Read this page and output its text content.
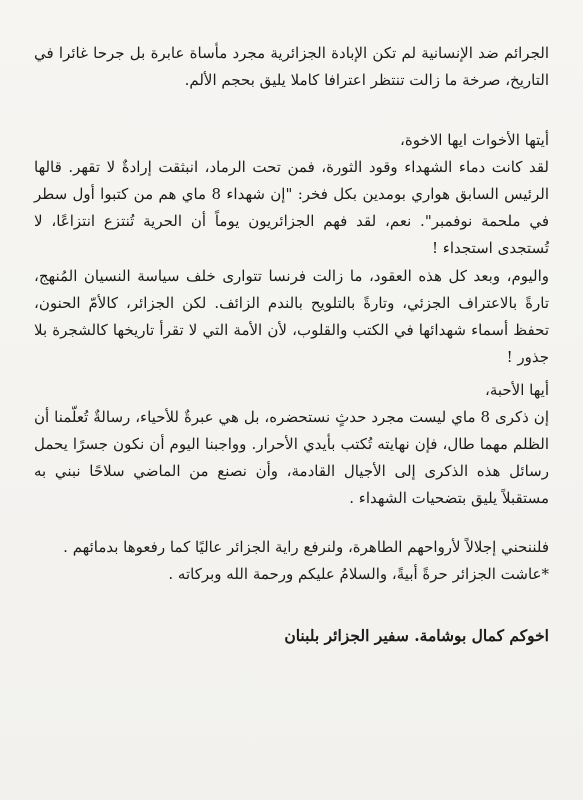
الجرائم ضد الإنسانية لم تكن الإبادة الجزائرية مجرد مأساة عابرة بل جرحا غائرا في التاريخ، صرخة ما زالت تنتظر اعترافا كاملا يليق بحجم الألم.

أيتها الأخوات ايها الاخوة،

لقد كانت دماء الشهداء وقود الثورة، فمن تحت الرماد، انبثقت إرادةٌ لا تقهر. قالها الرئيس السابق هواري بومدين بكل فخر: "إن شهداء 8 ماي هم من كتبوا أول سطر في ملحمة نوفمبر". نعم، لقد فهم الجزائريون يوماً أن الحرية تُنتزع انتزاعًا، لا تُستجدى استجداء !

واليوم، وبعد كل هذه العقود، ما زالت فرنسا تتوارى خلف سياسة النسيان المُنهج، تارةً بالاعتراف الجزئي، وتارةً بالتلويح بالندم الزائف. لكن الجزائر، كالأمّ الحنون، تحفظ أسماء شهدائها في الكتب والقلوب، لأن الأمة التي لا تقرأ تاريخها كالشجرة بلا جذور !

أيها الأحبة،

إن ذكرى 8 ماي ليست مجرد حدثٍ نستحضره، بل هي عبرةٌ للأحياء، رسالةٌ تُعلّمنا أن الظلم مهما طال، فإن نهايته تُكتب بأيدي الأحرار. وواجبنا اليوم أن نكون جسرًا يحمل رسائل هذه الذكرى إلى الأجيال القادمة، وأن نصنع من الماضي سلاحًا نبني به مستقبلاً يليق بتضحيات الشهداء .

فلننحني إجلالاً لأرواحهم الطاهرة، ولنرفع راية الجزائر عاليًا كما رفعوها بدمائهم .

*عاشت الجزائر حرةً أبيةً، والسلامُ عليكم ورحمة الله وبركاته .

اخوكم كمال بوشامة. سفير الجزائر بلبنان
